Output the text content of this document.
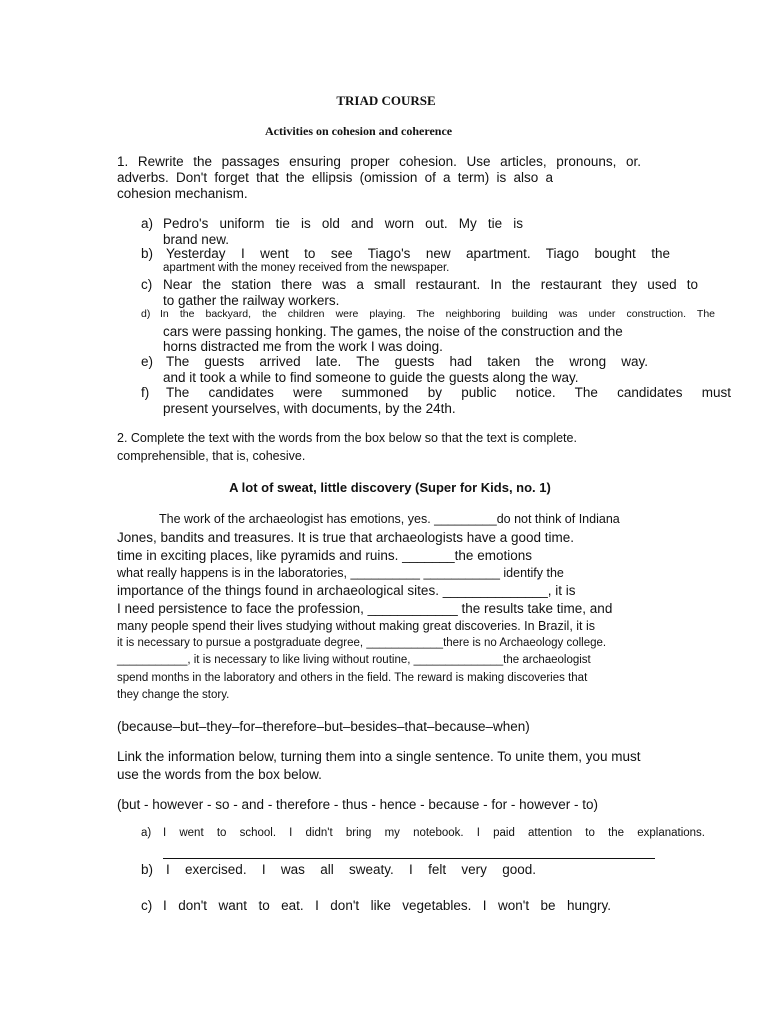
TRIAD COURSE
Activities on cohesion and coherence
1. Rewrite the passages ensuring proper cohesion. Use articles, pronouns, or.
adverbs. Don't forget that the ellipsis (omission of a term) is also a
cohesion mechanism.
a) Pedro's uniform tie is old and worn out. My tie is
brand new.
b) Yesterday I went to see Tiago's new apartment. Tiago bought the
apartment with the money received from the newspaper.
c) Near the station there was a small restaurant. In the restaurant they used to
to gather the railway workers.
d) In the backyard, the children were playing. The neighboring building was under construction. The
cars were passing honking. The games, the noise of the construction and the
horns distracted me from the work I was doing.
e) The guests arrived late. The guests had taken the wrong way.
and it took a while to find someone to guide the guests along the way.
f) The candidates were summoned by public notice. The candidates must
present yourselves, with documents, by the 24th.
2. Complete the text with the words from the box below so that the text is complete.
comprehensible, that is, cohesive.
A lot of sweat, little discovery (Super for Kids, no. 1)
The work of the archaeologist has emotions, yes. _________do not think of Indiana
Jones, bandits and treasures. It is true that archaeologists have a good time.
time in exciting places, like pyramids and ruins. _______the emotions
what really happens is in the laboratories, __________ ___________ identify the
importance of the things found in archaeological sites. ______________, it is
I need persistence to face the profession, ____________ the results take time, and
many people spend their lives studying without making great discoveries. In Brazil, it is
it is necessary to pursue a postgraduate degree, ____________there is no Archaeology college.
___________, it is necessary to like living without routine, ______________the archaeologist
spend months in the laboratory and others in the field. The reward is making discoveries that
they change the story.
(because–but–they–for–therefore–but–besides–that–because–when)
Link the information below, turning them into a single sentence. To unite them, you must
use the words from the box below.
(but - however - so - and - therefore - thus - hence - because - for - however - to)
a) I went to school. I didn't bring my notebook. I paid attention to the explanations.
b) I exercised. I was all sweaty. I felt very good.
c) I don't want to eat. I don't like vegetables. I won't be hungry.
